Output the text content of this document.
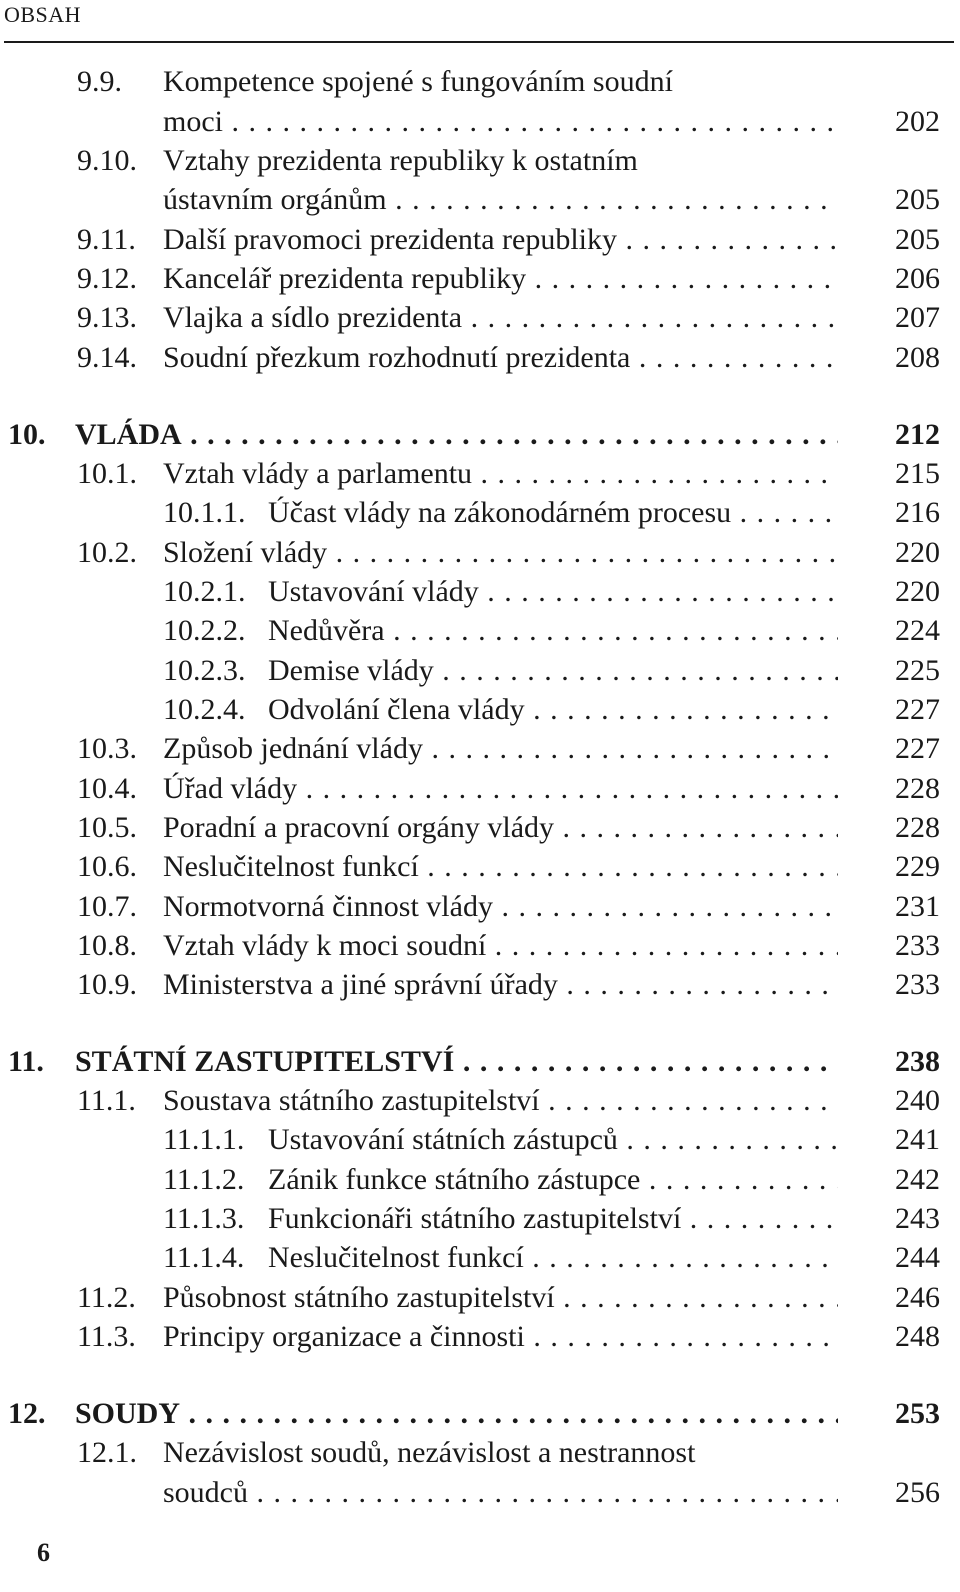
OBSAH
9.9. Kompetence spojené s fungováním soudní
moci . . .	202
9.10. Vztahy prezidenta republiky k ostatním
ústavním orgánům . . .	205
9.11. Další pravomoci prezidenta republiky . . .	205
9.12. Kancelář prezidenta republiky . . .	206
9.13. Vlajka a sídlo prezidenta . . .	207
9.14. Soudní přezkum rozhodnutí prezidenta . . .	208
10. VLÁDA . . .	212
10.1. Vztah vlády a parlamentu . . .	215
10.1.1. Účast vlády na zákonodárném procesu . . .	216
10.2. Složení vlády . . .	220
10.2.1. Ustavování vlády . . .	220
10.2.2. Nedůvěra . . .	224
10.2.3. Demise vlády . . .	225
10.2.4. Odvolání člena vlády . . .	227
10.3. Způsob jednání vlády . . .	227
10.4. Úřad vlády . . .	228
10.5. Poradní a pracovní orgány vlády . . .	228
10.6. Neslučitelnost funkcí . . .	229
10.7. Normotvorná činnost vlády . . .	231
10.8. Vztah vlády k moci soudní . . .	233
10.9. Ministerstva a jiné správní úřady . . .	233
11. STÁTNÍ ZASTUPITELSTVÍ . . .	238
11.1. Soustava státního zastupitelství . . .	240
11.1.1. Ustavování státních zástupců . . .	241
11.1.2. Zánik funkce státního zástupce . . .	242
11.1.3. Funkcionáři státního zastupitelství . . .	243
11.1.4. Neslučitelnost funkcí . . .	244
11.2. Působnost státního zastupitelství . . .	246
11.3. Principy organizace a činnosti . . .	248
12. SOUDY . . .	253
12.1. Nezávislost soudů, nezávislost a nestrannost
soudců . . .	256
6
